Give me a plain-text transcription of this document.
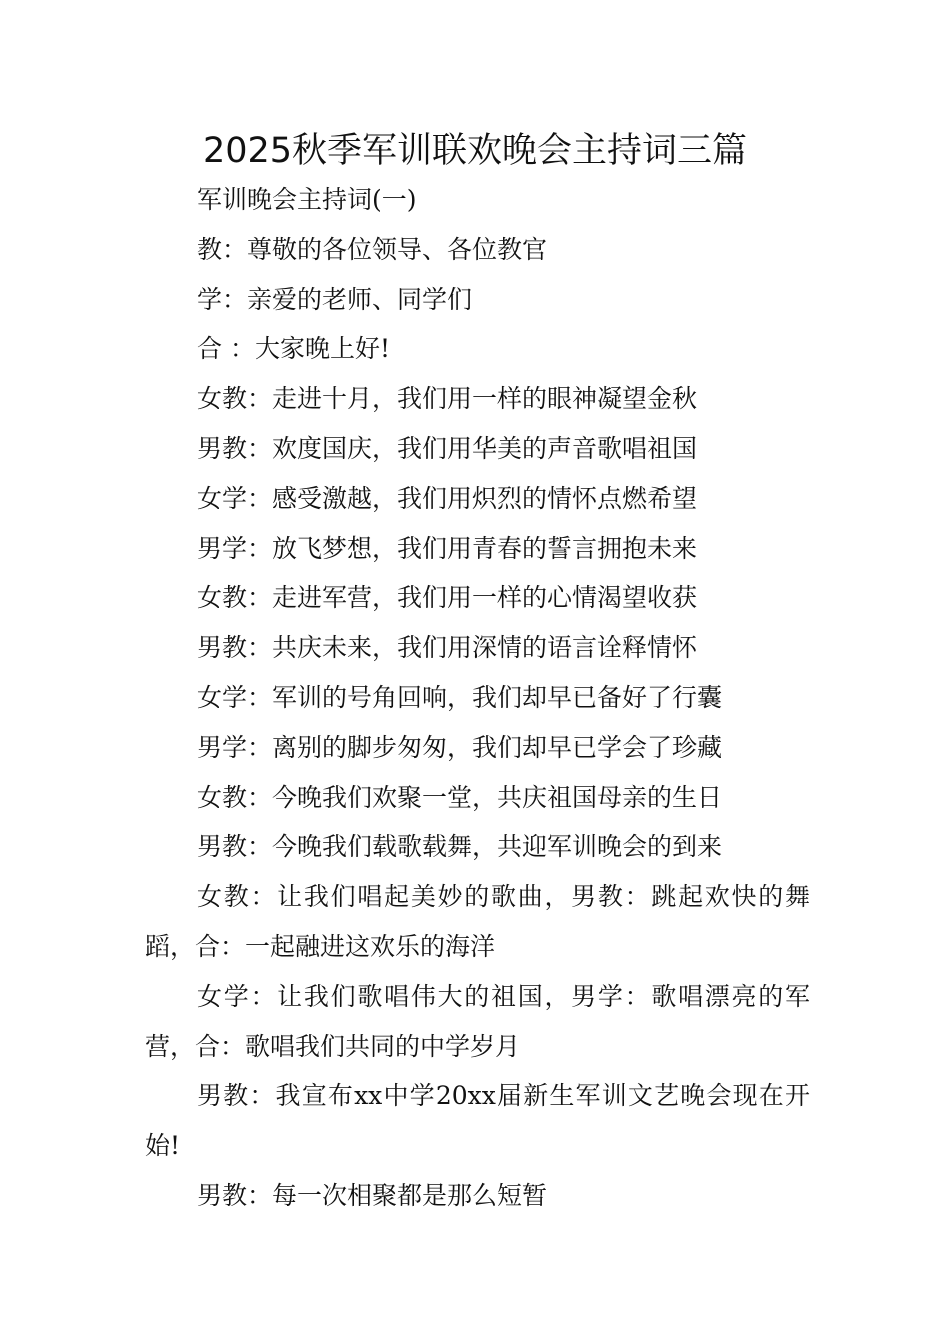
2025秋季军训联欢晚会主持词三篇

军训晚会主持词(一)

教：尊敬的各位领导、各位教官

学：亲爱的老师、同学们

合 ：大家晚上好!

女教：走进十月，我们用一样的眼神凝望金秋

男教：欢度国庆，我们用华美的声音歌唱祖国

女学：感受激越，我们用炽烈的情怀点燃希望

男学：放飞梦想，我们用青春的誓言拥抱未来

女教：走进军营，我们用一样的心情渴望收获

男教：共庆未来，我们用深情的语言诠释情怀

女学：军训的号角回响，我们却早已备好了行囊

男学：离别的脚步匆匆，我们却早已学会了珍藏

女教：今晚我们欢聚一堂，共庆祖国母亲的生日

男教：今晚我们载歌载舞，共迎军训晚会的到来

女教：让我们唱起美妙的歌曲，男教：跳起欢快的舞蹈，合：一起融进这欢乐的海洋

女学：让我们歌唱伟大的祖国，男学：歌唱漂亮的军营，合：歌唱我们共同的中学岁月

男教：我宣布xx中学20xx届新生军训文艺晚会现在开始!

男教：每一次相聚都是那么短暂
